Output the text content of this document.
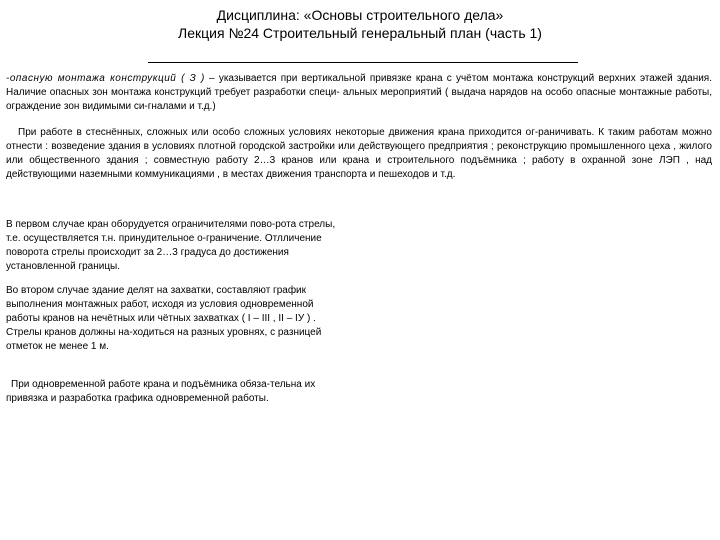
Дисциплина: «Основы строительного дела»
Лекция №24 Строительный генеральный план (часть 1)

-опасную монтажа конструкций ( З ) – указывается при вертикальной привязке крана с учётом монтажа конструкций верхних этажей здания. Наличие опасных зон монтажа конструкций требует разработки специ- альных мероприятий ( выдача нарядов на особо опасные монтажные работы, ограждение зон видимыми си-гналами и т.д.)

При работе в стеснённых, сложных или особо сложных условиях некоторые движения крана приходится ог-раничивать. К таким работам можно отнести : возведение здания в условиях плотной городской застройки или действующего предприятия ; реконструкцию промышленного цеха , жилого или общественного здания ; совместную работу 2…3 кранов или крана и строительного подъёмника ; работу в охранной зоне ЛЭП , над действующими наземными коммуникациями , в местах движения транспорта и пешеходов и т.д.

В первом случае кран оборудуется ограничителями пово-рота стрелы, т.е. осуществляется т.н. принудительное о-граничение. Отлличение поворота стрелы происходит за 2…3 градуса до достижения установленной границы.

Во втором случае здание делят на захватки, составляют график выполнения монтажных работ, исходя из условия одновременной работы кранов на нечётных или чётных захватках ( I – III , II – IУ ) . Стрелы кранов должны на-ходиться на разных уровнях, с разницей отметок не менее 1 м.

При одновременной работе крана и подъёмника обяза-тельна их привязка и разработка графика одновременной работы.
